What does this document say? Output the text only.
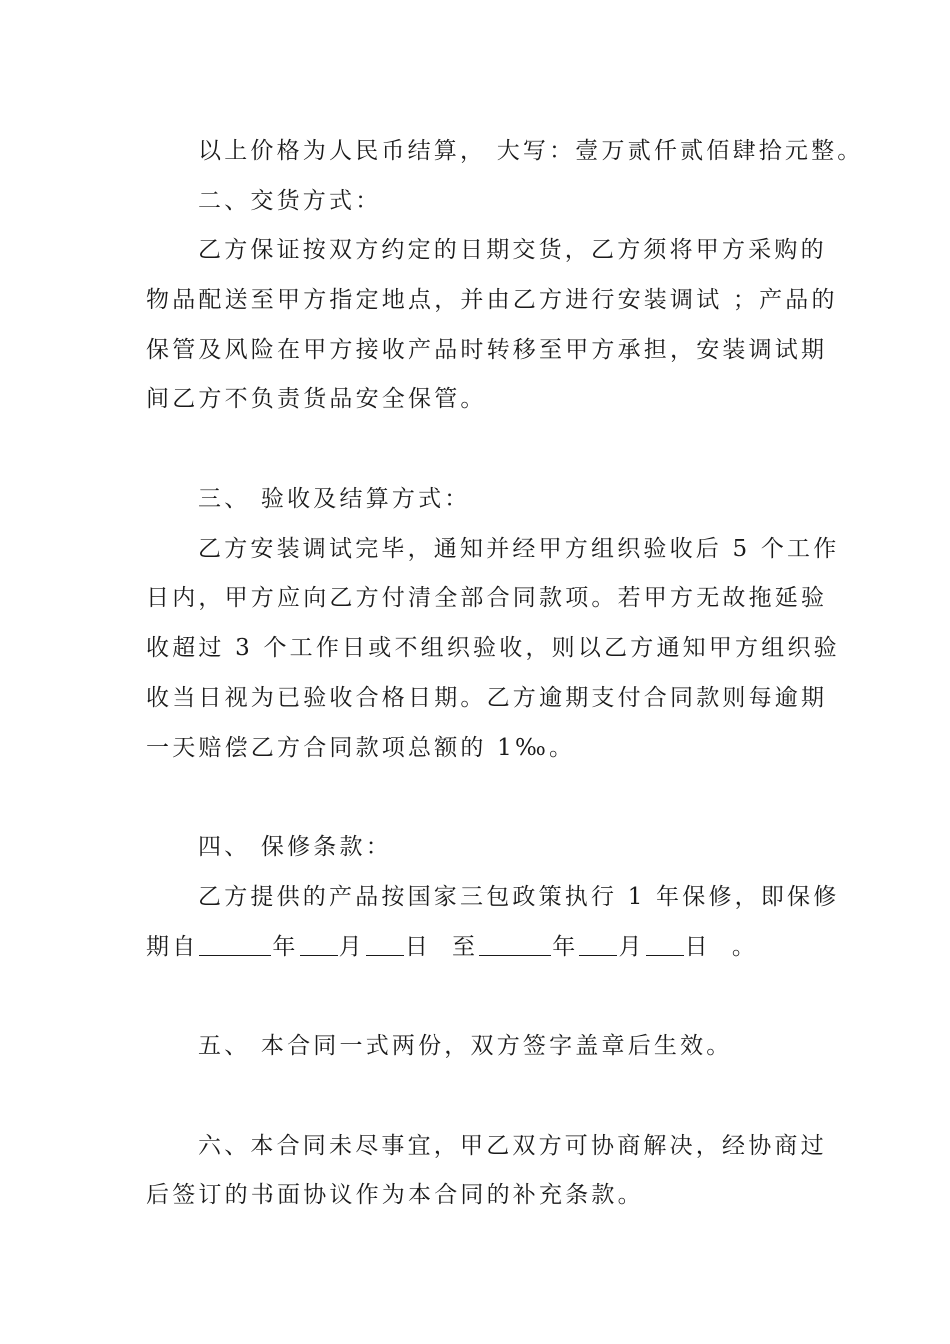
以上价格为人民币结算， 大写：壹万贰仟贰佰肆拾元整。
二、交货方式：
乙方保证按双方约定的日期交货，乙方须将甲方采购的
物品配送至甲方指定地点，并由乙方进行安装调试 ；产品的
保管及风险在甲方接收产品时转移至甲方承担，安装调试期
间乙方不负责货品安全保管。
三、 验收及结算方式：
乙方安装调试完毕，通知并经甲方组织验收后 5 个工作
日内，甲方应向乙方付清全部合同款项。若甲方无故拖延验
收超过 3 个工作日或不组织验收，则以乙方通知甲方组织验
收当日视为已验收合格日期。乙方逾期支付合同款则每逾期
一天赔偿乙方合同款项总额的 1‰。
四、 保修条款：
乙方提供的产品按国家三包政策执行 1 年保修，即保修
期自	年 月 日 至	年 月 日 。
五、 本合同一式两份，双方签字盖章后生效。
六、本合同未尽事宜，甲乙双方可协商解决，经协商过
后签订的书面协议作为本合同的补充条款。
